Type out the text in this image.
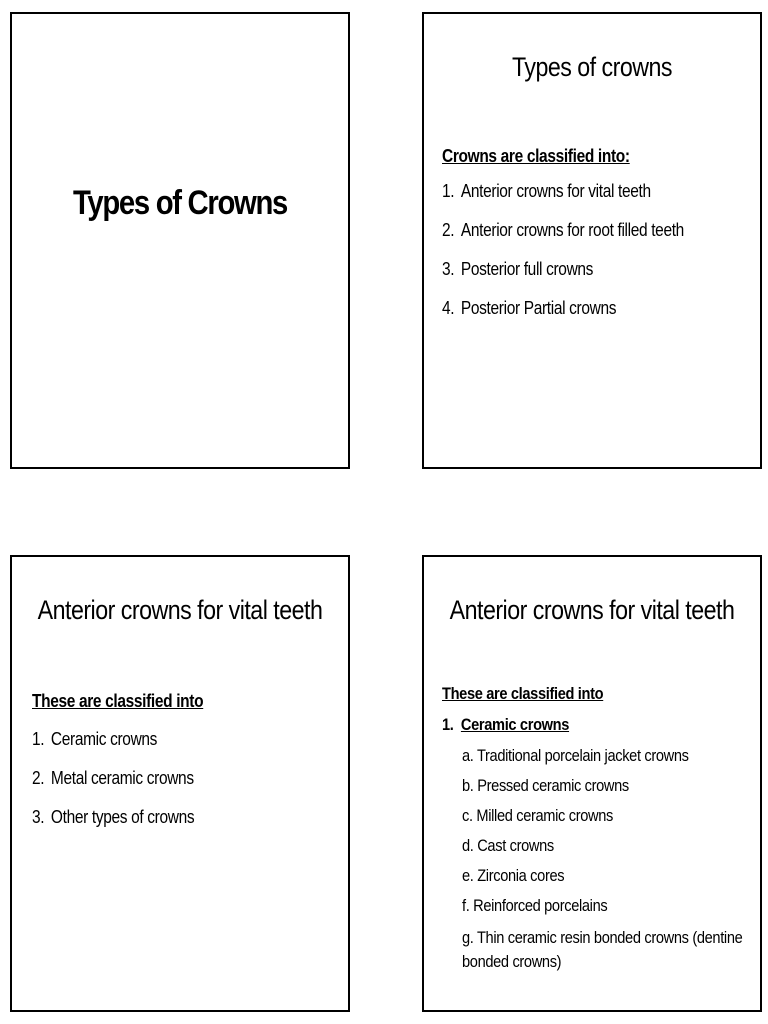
Types of Crowns
Types of crowns
Crowns are classified into:
1. Anterior crowns for vital teeth
2. Anterior crowns for root filled teeth
3. Posterior full crowns
4. Posterior Partial crowns
Anterior crowns for vital teeth
These are classified into
1. Ceramic crowns
2. Metal ceramic crowns
3. Other types of crowns
Anterior crowns for vital teeth
These are classified into
1. Ceramic crowns
a. Traditional porcelain jacket crowns
b. Pressed ceramic crowns
c. Milled ceramic crowns
d. Cast crowns
e. Zirconia cores
f. Reinforced porcelains
g. Thin ceramic resin bonded crowns (dentine bonded crowns)
